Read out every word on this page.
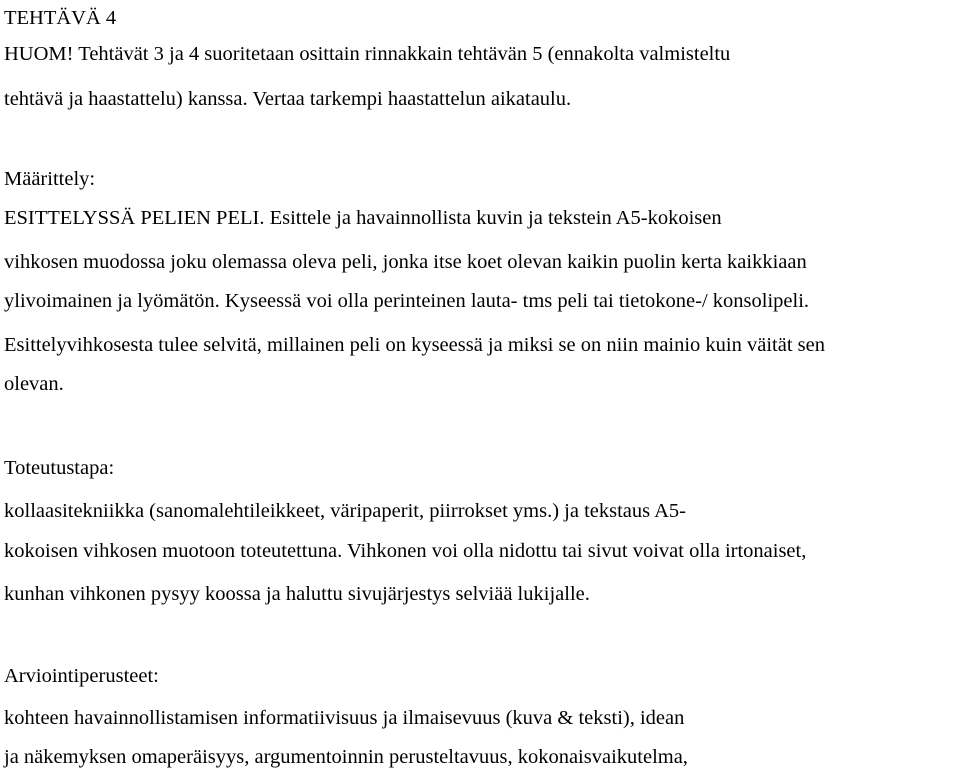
TEHTÄVÄ 4
HUOM! Tehtävät 3 ja 4 suoritetaan osittain rinnakkain tehtävän 5 (ennakolta valmisteltu
tehtävä ja haastattelu) kanssa. Vertaa tarkempi haastattelun aikataulu.
Määrittely:
ESITTELYSSÄ PELIEN PELI. Esittele ja havainnollista kuvin ja tekstein A5-kokoisen
vihkosen muodossa joku olemassa oleva peli, jonka itse koet olevan kaikin puolin kerta kaikkiaan
ylivoimainen ja lyömätön. Kyseessä voi olla perinteinen lauta- tms peli tai tietokone-/ konsolipeli.
Esittelyvihkosesta tulee selvitä, millainen peli on kyseessä ja miksi se on niin mainio kuin väität sen
olevan.
Toteutustapa:
kollaasitekniikka (sanomalehtileikkeet, väripaperit, piirrokset yms.) ja tekstaus A5-
kokoisen vihkosen muotoon toteutettuna. Vihkonen voi olla nidottu tai sivut voivat olla irtonaiset,
kunhan vihkonen pysyy koossa ja haluttu sivujärjestys selviää lukijalle.
Arviointiperusteet:
kohteen havainnollistamisen informatiivisuus ja ilmaisevuus (kuva & teksti), idean
ja näkemyksen omaperäisyys, argumentoinnin perusteltavuus, kokonaisvaikutelma,
